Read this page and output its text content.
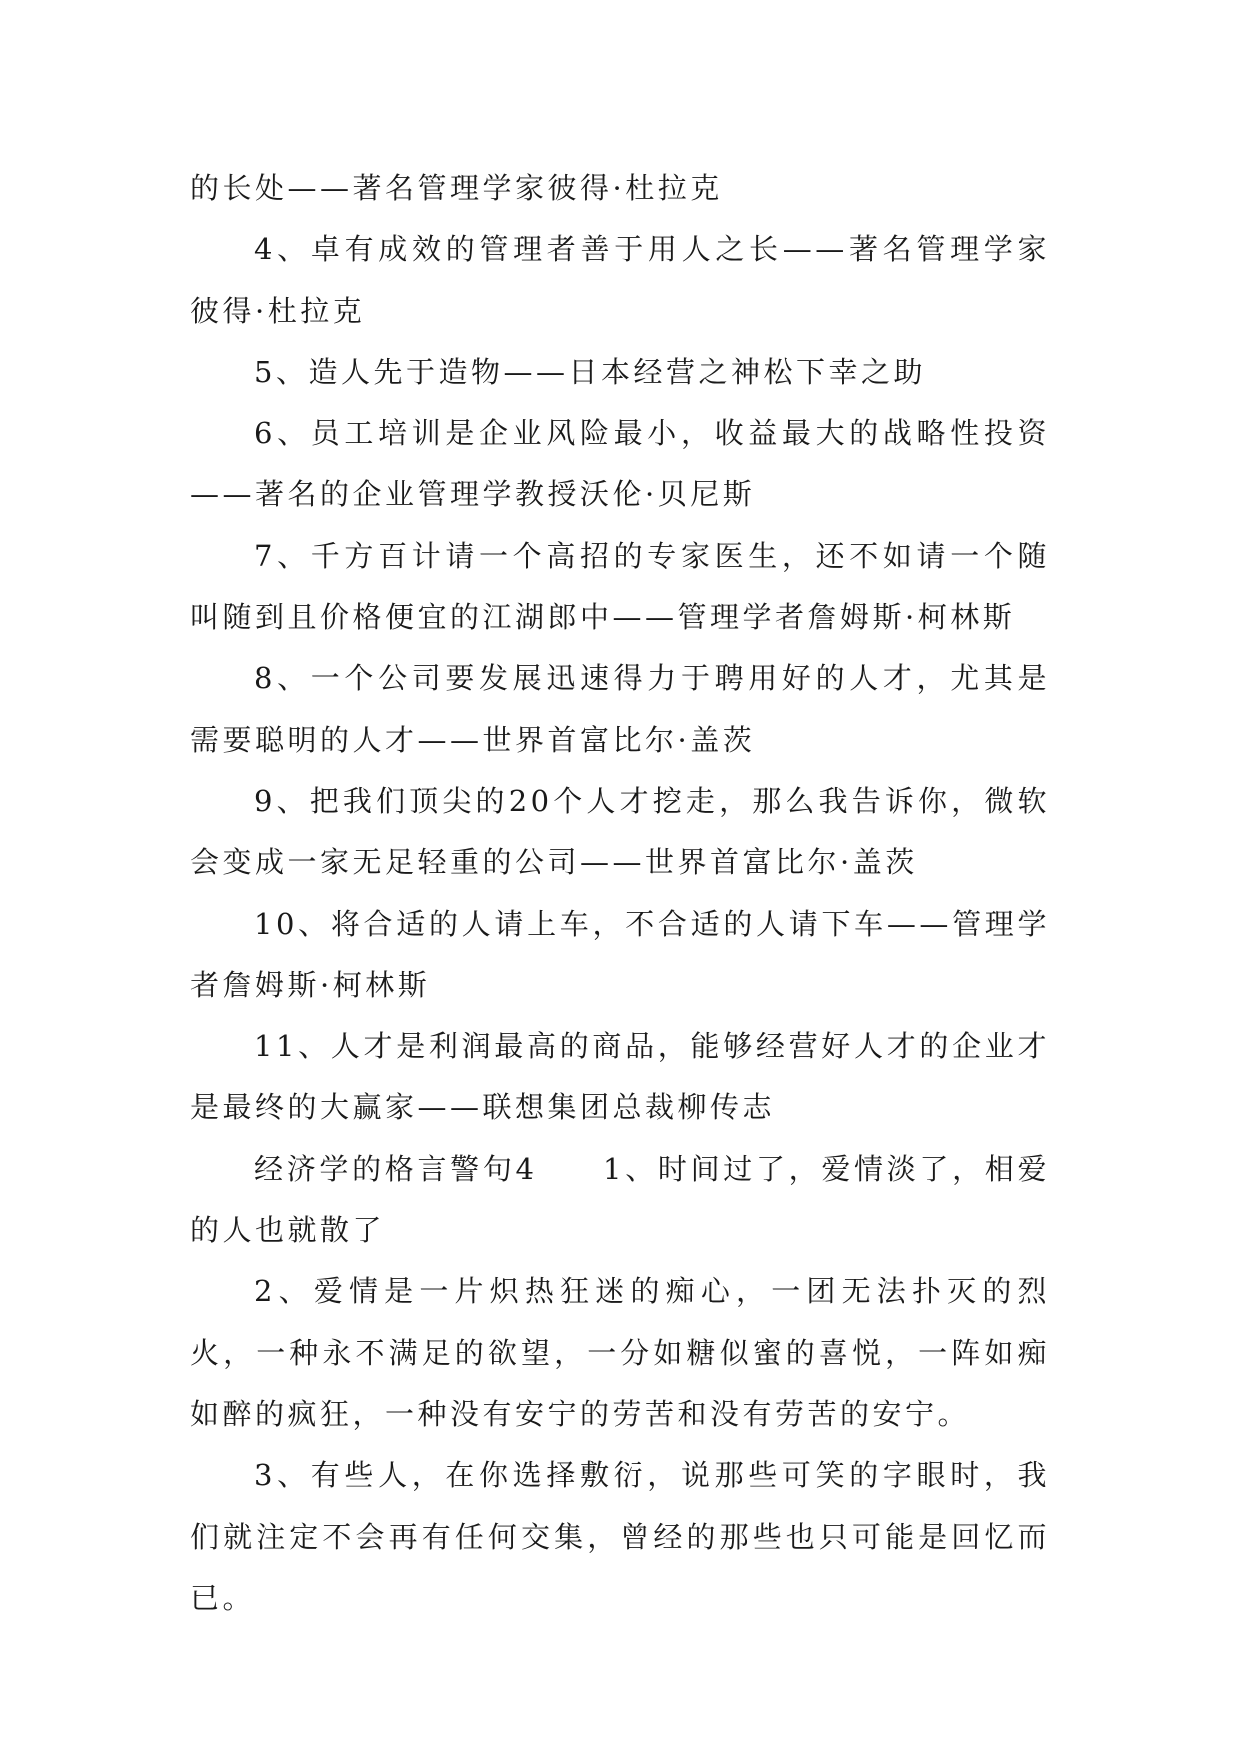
的长处——著名管理学家彼得·杜拉克

4、卓有成效的管理者善于用人之长——著名管理学家彼得·杜拉克

5、造人先于造物——日本经营之神松下幸之助

6、员工培训是企业风险最小，收益最大的战略性投资——著名的企业管理学教授沃伦·贝尼斯

7、千方百计请一个高招的专家医生，还不如请一个随叫随到且价格便宜的江湖郎中——管理学者詹姆斯·柯林斯

8、一个公司要发展迅速得力于聘用好的人才，尤其是需要聪明的人才——世界首富比尔·盖茨

9、把我们顶尖的20个人才挖走，那么我告诉你，微软会变成一家无足轻重的公司——世界首富比尔·盖茨

10、将合适的人请上车，不合适的人请下车——管理学者詹姆斯·柯林斯

11、人才是利润最高的商品，能够经营好人才的企业才是最终的大赢家——联想集团总裁柳传志

经济学的格言警句4　　1、时间过了，爱情淡了，相爱的人也就散了

2、爱情是一片炽热狂迷的痴心，一团无法扑灭的烈火，一种永不满足的欲望，一分如糖似蜜的喜悦，一阵如痴如醉的疯狂，一种没有安宁的劳苦和没有劳苦的安宁。

3、有些人，在你选择敷衍，说那些可笑的字眼时，我们就注定不会再有任何交集，曾经的那些也只可能是回忆而已。
